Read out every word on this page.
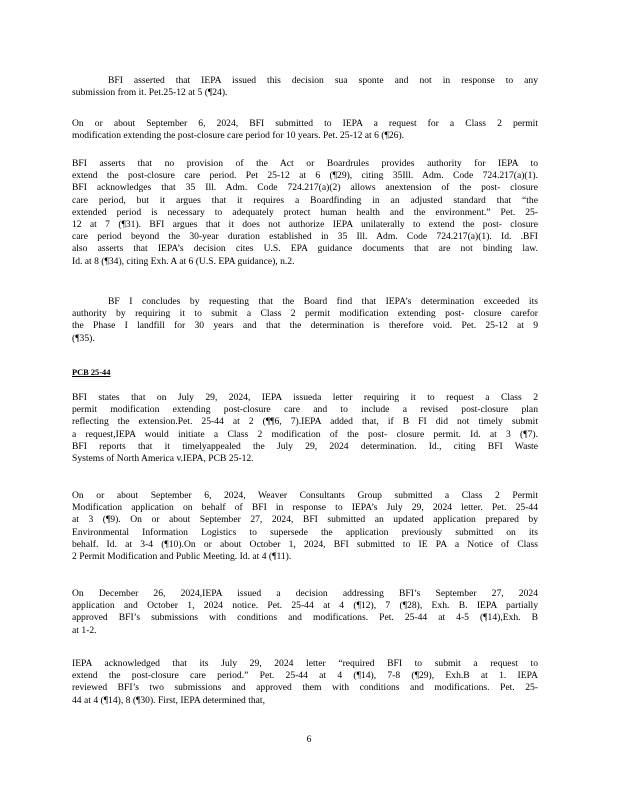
BFI asserted that IEPA issued this decision sua sponte and not in response to any
submission from it. Pet.25-12 at 5 (¶24).

On or about September 6, 2024, BFI submitted to IEPA a request for a Class 2 permit
modification extending the post-closure care period for 10 years. Pet. 25-12 at 6 (¶26).

BFI asserts that no provision of the Act or Boardrules provides authority for IEPA to
extend the post-closure care period. Pet 25-12 at 6 (¶29), citing 35Ill. Adm. Code 724.217(a)(1).
BFI acknowledges that 35 Ill. Adm. Code 724.217(a)(2) allows anextension of the post- closure
care period, but it argues that it requires a Boardfinding in an adjusted standard that “the
extended period is necessary to adequately protect human health and the environment.” Pet. 25-
12 at 7 (¶31). BFI argues that it does not authorize IEPA unilaterally to extend the post- closure
care period beyond the 30-year duration established in 35 Ill. Adm. Code 724.217(a)(1). Id. .BFI
also asserts that IEPA’s decision cites U.S. EPA guidance documents that are not binding law.
Id. at 8 (¶34), citing Exh. A at 6 (U.S. EPA guidance), n.2.

BF I concludes by requesting that the Board find that IEPA’s determination exceeded its
authority by requiring it to submit a Class 2 permit modification extending post- closure carefor
the Phase I landfill for 30 years and that the determination is therefore void. Pet. 25-12 at 9
(¶35).

PCB 25-44

BFI states that on July 29, 2024, IEPA issueda letter requiring it to request a Class 2
permit modification extending post-closure care and to include a revised post-closure plan
reflecting the extension.Pet. 25-44 at 2 (¶¶6, 7).IEPA added that, if B FI did not timely submit
a request,IEPA would initiate a Class 2 modification of the post- closure permit. Id. at 3 (¶7).
BFI reports that it timelyappealed the July 29, 2024 determination. Id., citing BFI Waste
Systems of North America v.IEPA, PCB 25-12.

On or about September 6, 2024, Weaver Consultants Group submitted a Class 2 Permit
Modification application on behalf of BFI in response to IEPA’s July 29, 2024 letter. Pet. 25-44
at 3 (¶9). On or about September 27, 2024, BFI submitted an updated application prepared by
Environmental Information Logistics to supersede the application previously submitted on its
behalf. Id. at 3-4 (¶10).On or about October 1, 2024, BFI submitted to IE PA a Notice of Class
2 Permit Modification and Public Meeting. Id. at 4 (¶11).

On December 26, 2024,IEPA issued a decision addressing BFI’s September 27, 2024
application and October 1, 2024 notice. Pet. 25-44 at 4 (¶12), 7 (¶28), Exh. B. IEPA partially
approved BFI’s submissions with conditions and modifications. Pet. 25-44 at 4-5 (¶14),Exh. B
at 1-2.

IEPA acknowledged that its July 29, 2024 letter “required BFI to submit a request to
extend the post-closure care period.” Pet. 25-44 at 4 (¶14), 7-8 (¶29), Exh.B at 1. IEPA
reviewed BFI’s two submissions and approved them with conditions and modifications. Pet. 25-
44 at 4 (¶14), 8 (¶30). First, IEPA determined that,

6
